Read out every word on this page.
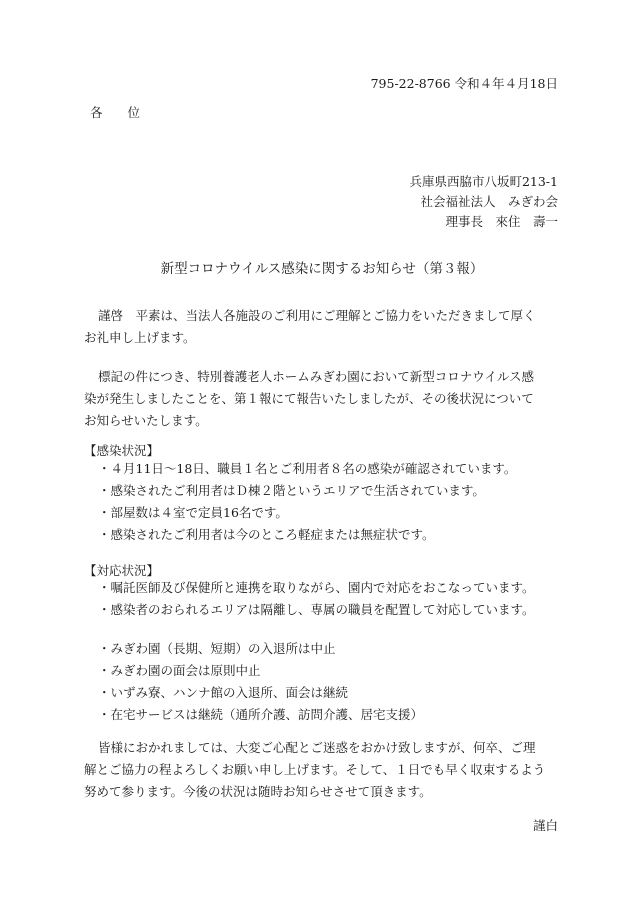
795-22-8766 令和４年４月18日
各　　位
兵庫県西脇市八坂町213-1
社会福祉法人　みぎわ会
理事長　來住　壽一
新型コロナウイルス感染に関するお知らせ（第３報）

謹啓　平素は、当法人各施設のご利用にご理解とご協力をいただきまして厚く

お礼申し上げます。

標記の件につき、特別養護老人ホームみぎわ園において新型コロナウイルス感

染が発生しましたことを、第１報にて報告いたしましたが、その後状況について

お知らせいたします。

【感染状況】
・４月11日～18日、職員１名とご利用者８名の感染が確認されています。
・感染されたご利用者はＤ棟２階というエリアで生活されています。
・部屋数は４室で定員16名です。
・感染されたご利用者は今のところ軽症または無症状です。
【対応状況】
・嘱託医師及び保健所と連携を取りながら、園内で対応をおこなっています。
・感染者のおられるエリアは隔離し、専属の職員を配置して対応しています。
・みぎわ園（長期、短期）の入退所は中止
・みぎわ園の面会は原則中止
・いずみ寮、ハンナ館の入退所、面会は継続
・在宅サービスは継続（通所介護、訪問介護、居宅支援）

皆様におかれましては、大変ご心配とご迷惑をおかけ致しますが、何卒、ご理

解とご協力の程よろしくお願い申し上げます。そして、１日でも早く収束するよう

努めて参ります。今後の状況は随時お知らせさせて頂きます。

謹白
